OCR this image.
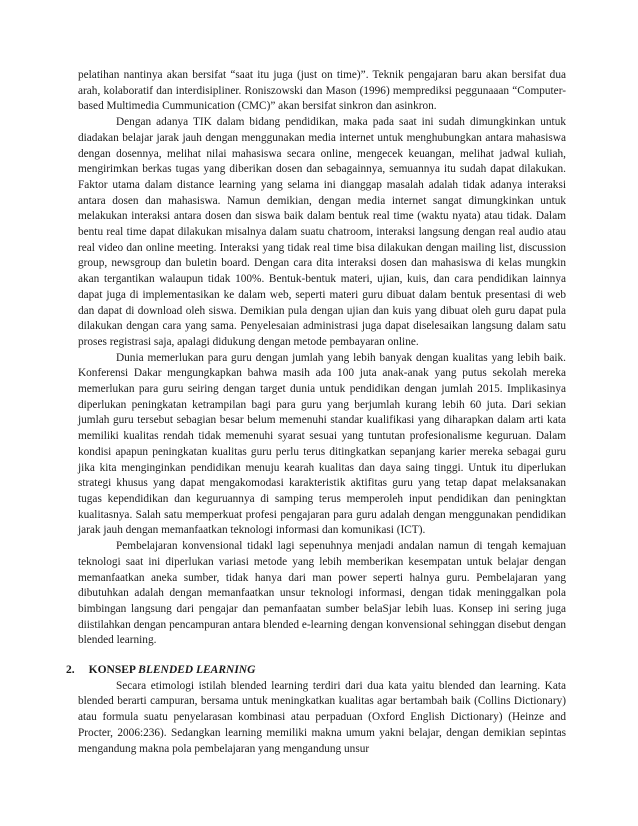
pelatihan nantinya akan bersifat “saat itu juga (just on time)”. Teknik pengajaran baru akan bersifat dua arah, kolaboratif dan interdisipliner. Roniszowski dan Mason (1996) memprediksi peggunaaan “Computer-based Multimedia Cummunication (CMC)” akan bersifat sinkron dan asinkron.

Dengan adanya TIK dalam bidang pendidikan, maka pada saat ini sudah dimungkinkan untuk diadakan belajar jarak jauh dengan menggunakan media internet untuk menghubungkan antara mahasiswa dengan dosennya, melihat nilai mahasiswa secara online, mengecek keuangan, melihat jadwal kuliah, mengirimkan berkas tugas yang diberikan dosen dan sebagainnya, semuannya itu sudah dapat dilakukan. Faktor utama dalam distance learning yang selama ini dianggap masalah adalah tidak adanya interaksi antara dosen dan mahasiswa. Namun demikian, dengan media internet sangat dimungkinkan untuk melakukan interaksi antara dosen dan siswa baik dalam bentuk real time (waktu nyata) atau tidak. Dalam bentu real time dapat dilakukan misalnya dalam suatu chatroom, interaksi langsung dengan real audio atau real video dan online meeting. Interaksi yang tidak real time bisa dilakukan dengan mailing list, discussion group, newsgroup dan buletin board. Dengan cara dita interaksi dosen dan mahasiswa di kelas mungkin akan tergantikan walaupun tidak 100%. Bentuk-bentuk materi, ujian, kuis, dan cara pendidikan lainnya dapat juga di implementasikan ke dalam web, seperti materi guru dibuat dalam bentuk presentasi di web dan dapat di download oleh siswa. Demikian pula dengan ujian dan kuis yang dibuat oleh guru dapat pula dilakukan dengan cara yang sama. Penyelesaian administrasi juga dapat diselesaikan langsung dalam satu proses registrasi saja, apalagi didukung dengan metode pembayaran online.

Dunia memerlukan para guru dengan jumlah yang lebih banyak dengan kualitas yang lebih baik. Konferensi Dakar mengungkapkan bahwa masih ada 100 juta anak-anak yang putus sekolah mereka memerlukan para guru seiring dengan target dunia untuk pendidikan dengan jumlah 2015. Implikasinya diperlukan peningkatan ketrampilan bagi para guru yang berjumlah kurang lebih 60 juta. Dari sekian jumlah guru tersebut sebagian besar belum memenuhi standar kualifikasi yang diharapkan dalam arti kata memiliki kualitas rendah tidak memenuhi syarat sesuai yang tuntutan profesionalisme keguruan. Dalam kondisi apapun peningkatan kualitas guru perlu terus ditingkatkan sepanjang karier mereka sebagai guru jika kita menginginkan pendidikan menuju kearah kualitas dan daya saing tinggi. Untuk itu diperlukan strategi khusus yang dapat mengakomodasi karakteristik aktifitas guru yang tetap dapat melaksanakan tugas kependidikan dan keguruannya di samping terus memperoleh input pendidikan dan peningktan kualitasnya. Salah satu memperkuat profesi pengajaran para guru adalah dengan menggunakan pendidikan jarak jauh dengan memanfaatkan teknologi informasi dan komunikasi (ICT).

Pembelajaran konvensional tidakl lagi sepenuhnya menjadi andalan namun di tengah kemajuan teknologi saat ini diperlukan variasi metode yang lebih memberikan kesempatan untuk belajar dengan memanfaatkan aneka sumber, tidak hanya dari man power seperti halnya guru. Pembelajaran yang dibutuhkan adalah dengan memanfaatkan unsur teknologi informasi, dengan tidak meninggalkan pola bimbingan langsung dari pengajar dan pemanfaatan sumber belaSjar lebih luas. Konsep ini sering juga diistilahkan dengan pencampuran antara blended e-learning dengan konvensional sehinggan disebut dengan blended learning.

2. KONSEP BLENDED LEARNING

Secara etimologi istilah blended learning terdiri dari dua kata yaitu blended dan learning. Kata blended berarti campuran, bersama untuk meningkatkan kualitas agar bertambah baik (Collins Dictionary) atau formula suatu penyelarasan kombinasi atau perpaduan (Oxford English Dictionary) (Heinze and Procter, 2006:236). Sedangkan learning memiliki makna umum yakni belajar, dengan demikian sepintas mengandung makna pola pembelajaran yang mengandung unsur
